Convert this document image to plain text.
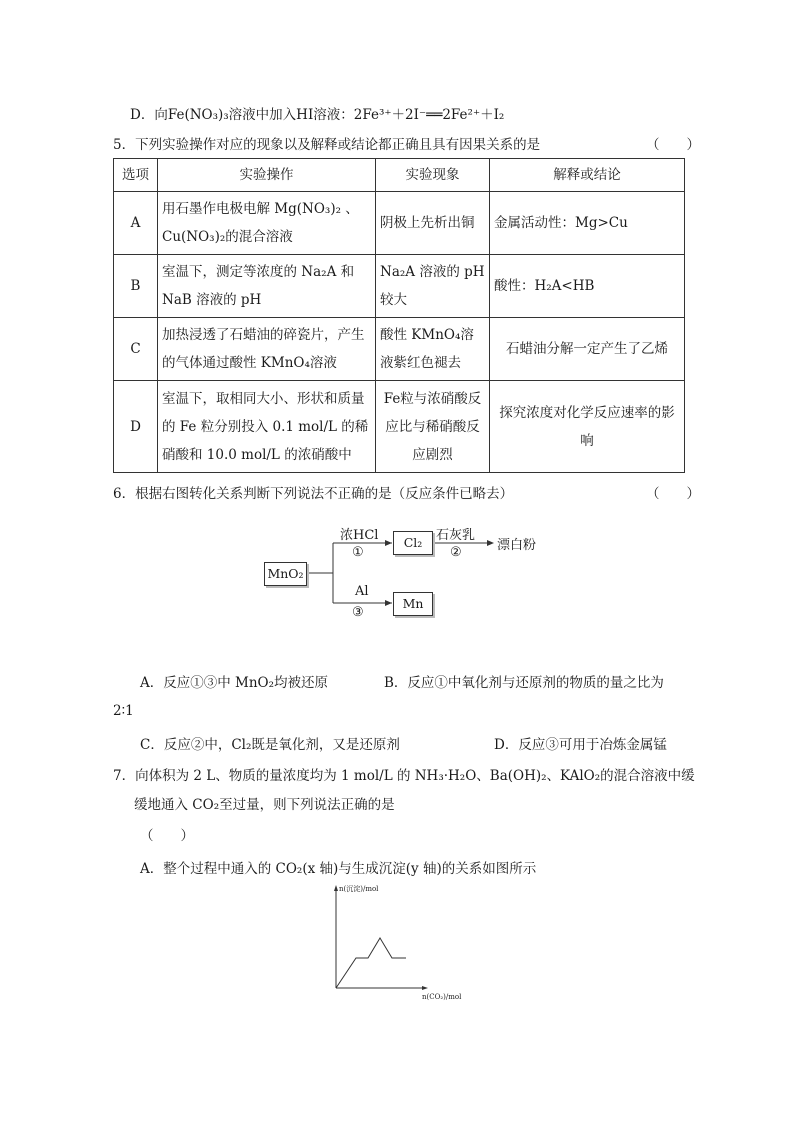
D．向Fe(NO₃)₃溶液中加入HI溶液：2Fe³⁺＋2I⁻══2Fe²⁺＋I₂
5．下列实验操作对应的现象以及解释或结论都正确且具有因果关系的是	（　　）
选项	实验操作	实验现象	解释或结论
A	用石墨作电极电解 Mg(NO₃)₂ 、Cu(NO₃)₂的混合溶液	阴极上先析出铜	金属活动性：Mg>Cu
B	室温下，测定等浓度的 Na₂A 和 NaB 溶液的 pH	Na₂A 溶液的 pH 较大	酸性：H₂A<HB
C	加热浸透了石蜡油的碎瓷片，产生的气体通过酸性 KMnO₄溶液	酸性 KMnO₄溶液紫红色褪去	石蜡油分解一定产生了乙烯
D	室温下，取相同大小、形状和质量的 Fe 粒分别投入 0.1 mol/L 的稀硝酸和 10.0 mol/L 的浓硝酸中	Fe粒与浓硝酸反应比与稀硝酸反应剧烈	探究浓度对化学反应速率的影响
6．根据右图转化关系判断下列说法不正确的是（反应条件已略去）	（　　）
MnO₂
Cl₂
Mn
浓HCl
①
石灰乳
②	漂白粉
Al
③
A．反应①③中 MnO₂均被还原	B．反应①中氧化剂与还原剂的物质的量之比为
2∶1
C．反应②中，Cl₂既是氧化剂，又是还原剂	D．反应③可用于冶炼金属锰
7．向体积为 2 L、物质的量浓度均为 1 mol/L 的 NH₃·H₂O、Ba(OH)₂、KAlO₂的混合溶液中缓
缓地通入 CO₂至过量，则下列说法正确的是
（　　）
A．整个过程中通入的 CO₂(x 轴)与生成沉淀(y 轴)的关系如图所示
n(沉淀)/mol
n(CO₂)/mol
